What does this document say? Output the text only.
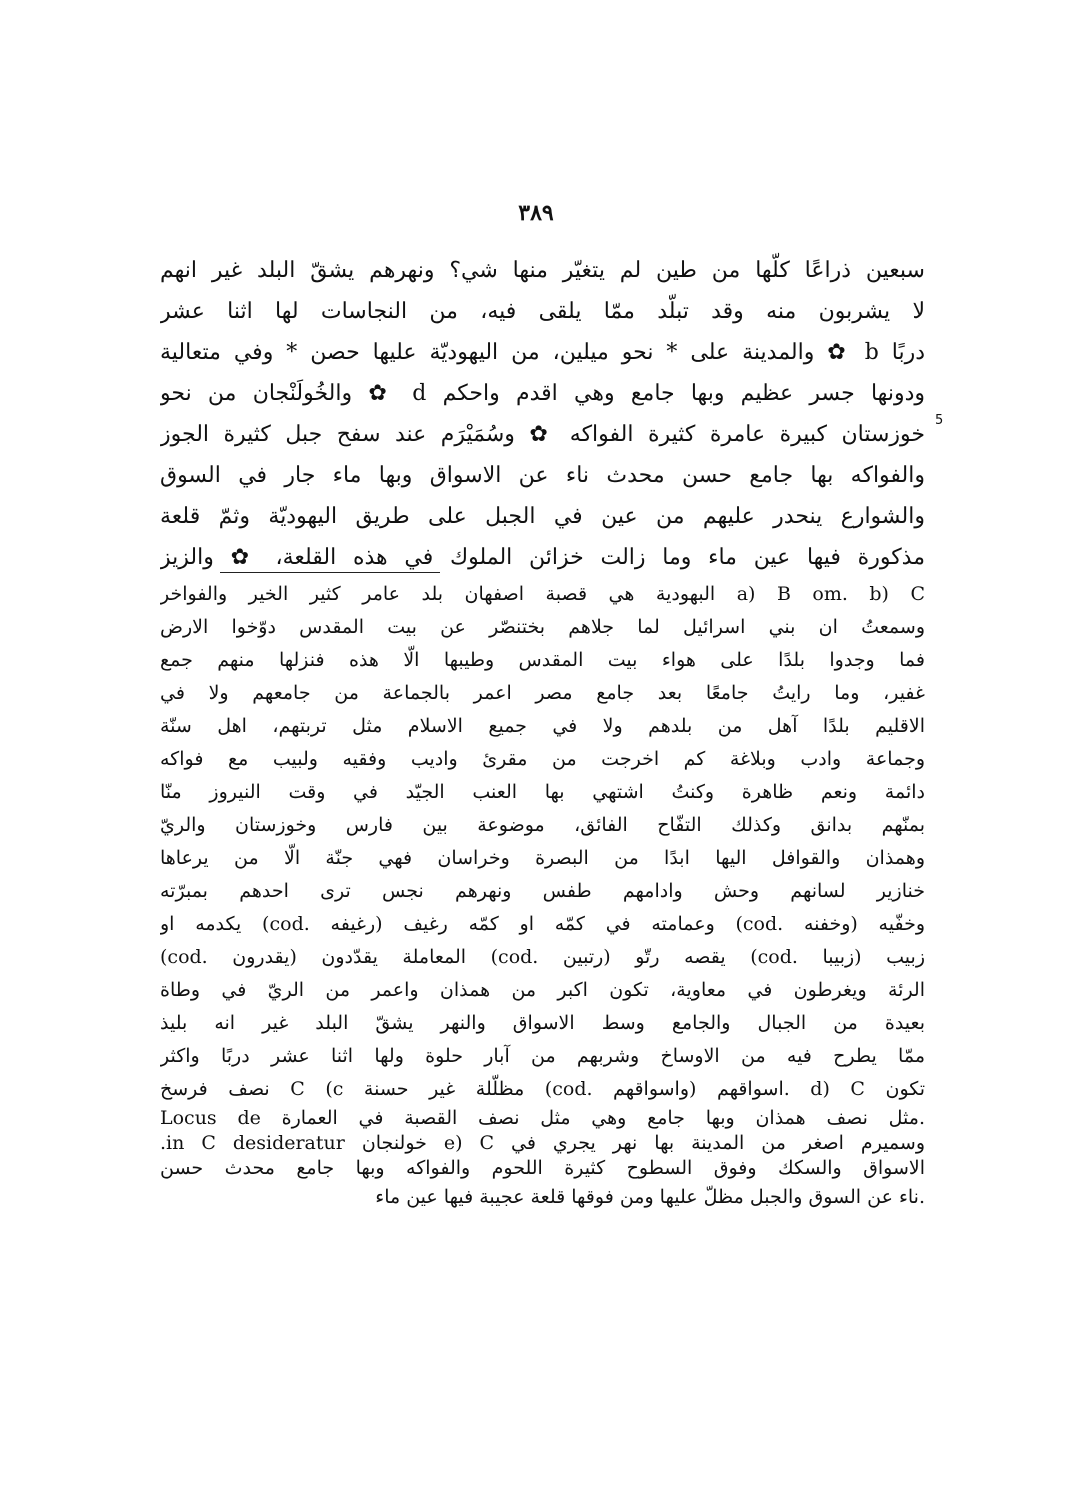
٣٨٩
سبعين ذراعًا كلّها من طين لم يتغيّر منها شي؟ ونهرهم يشقّ البلد غير انهم
لا يشربون منه وقد تبلّد ممّا يلقى فيه، من النجاسات لها اثنا عشر
دربًا b ✿ والمدينة على * نحو ميلين، من اليهوديّة عليها حصن * وفي متعالية
ودونها جسر عظيم وبها جامع وهي اقدم واحكم d ✿ والخُولَنْجان من نحو
خوزستان كبيرة عامرة كثيرة الفواكه ✿ وسُمَيْرَم عند سفح جبل كثيرة الجوز
والفواكه بها جامع حسن محدث ناء عن الاسواق وبها ماء جار في السوق
والشوارع ينحدر عليهم من عين في الجبل على طريق اليهوديّة وثمّ قلعة
مذكورة فيها عين ماء وما زالت خزائن الملوك في هذه القلعة، ✿ والزيز
5
a) B om. b) C البهودية هي قصبة اصفهان بلد عامر كثير الخير والفواخر
وسمعتُ ان بني اسرائيل لما جلاهم بختنصّر عن بيت المقدس دوّخوا الارض
فما وجدوا بلدًا على هواء بيت المقدس وطيبها الّا هذه فنزلها منهم جمع
غفير، وما رايتُ جامعًا بعد جامع مصر اعمر بالجماعة من جامعهم ولا في
الاقليم بلدًا آهل من بلدهم ولا في جميع الاسلام مثل تربتهم، اهل سنّة
وجماعة وادب وبلاغة كم اخرجت من مقرئ واديب وفقيه ولبيب مع فواكه
دائمة ونعم ظاهرة وكنتُ اشتهي بها العنب الجيّد في وقت النيروز منّا
بمنّهم بدانق وكذلك التفّاح الفائق، موضوعة بين فارس وخوزستان والريّ
وهمذان والقوافل اليها ابدًا من البصرة وخراسان فهي جنّة الّا من يرعاها
خنازير لسانهم وحش وادامهم طفس ونهرهم نجس ترى احدهم بمبرّته
وخفّيه (وخفنه .cod) وعمامته في كمّه او كمّه رغيف (رغيفه .cod) يكدمه او
زبيب (زبيبا .cod) يقصه رتّو (رتبين .cod) المعاملة يقدّدون (يقدرون .cod)
الرئة ويغرطون في معاوية، تكون اكبر من همذان واعمر من الريّ في وطاة
بعيدة من الجبال والجامع وسط الاسواق والنهر يشقّ البلد غير انه بليذ
ممّا يطرح فيه من الاوساخ وشربهم من آبار حلوة ولها اثنا عشر دربًا واكثر
تكون C (d .اسواقهم (واسواقهم .cod) مظلّلة غير حسنة c) C نصف فرسخ
.مثل نصف همذان وبها جامع وهي مثل نصف القصبة في العمارة Locus de
وسميرم اصغر من المدينة بها نهر يجري في e) C خولنجان in C desideratur.
الاسواق والسكك وفوق السطوح كثيرة اللحوم والفواكه وبها جامع محدث حسن
.ناء عن السوق والجبل مظلّ عليها ومن فوقها قلعة عجيبة فيها عين ماء
